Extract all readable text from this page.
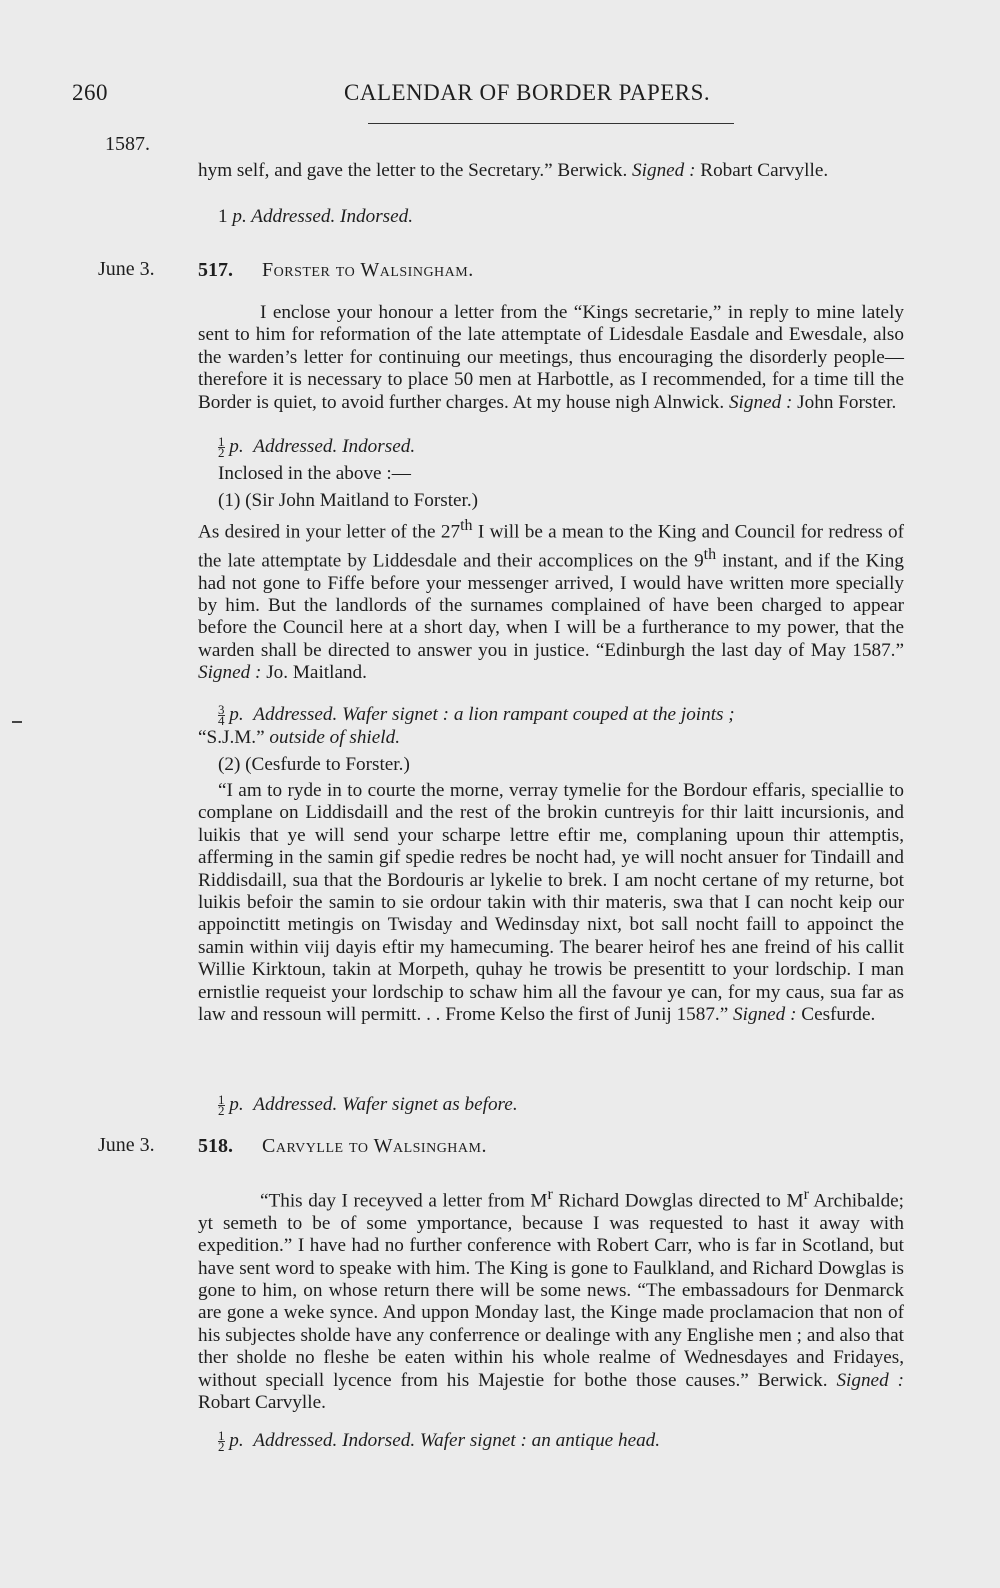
260	CALENDAR OF BORDER PAPERS.
1587.
hym self, and gave the letter to the Secretary.” Berwick. Signed : Robart Carvylle.
1 p. Addressed. Indorsed.
June 3. 517. Forster to Walsingham.
I enclose your honour a letter from the “Kings secretarie,” in reply to mine lately sent to him for reformation of the late attemptate of Lidesdale Easdale and Ewesdale, also the warden’s letter for continuing our meetings, thus encouraging the disorderly people—therefore it is necessary to place 50 men at Harbottle, as I recommended, for a time till the Border is quiet, to avoid further charges. At my house nigh Alnwick. Signed : John Forster.
$\frac{1}{2} p$.  Addressed. Indorsed.
Inclosed in the above :—
(1) (Sir John Maitland to Forster.)
As desired in your letter of the 27th I will be a mean to the King and Council for redress of the late attemptate by Liddesdale and their accomplices on the 9th instant, and if the King had not gone to Fiffe before your messenger arrived, I would have written more specially by him. But the landlords of the surnames complained of have been charged to appear before the Council here at a short day, when I will be a furtherance to my power, that the warden shall be directed to answer you in justice. “Edinburgh the last day of May 1587.” Signed : Jo. Maitland.
$\frac{3}{4} p$.  Addressed. Wafer signet : a lion rampant couped at the joints ;
“S.J.M.” outside of shield.
(2) (Cesfurde to Forster.)
“I am to ryde in to courte the morne, verray tymelie for the Bordour effaris, speciallie to complane on Liddisdaill and the rest of the brokin cuntreyis for thir laitt incursionis, and luikis that ye will send your scharpe lettre eftir me, complaning upoun thir attemptis, afferming in the samin gif spedie redres be nocht had, ye will nocht ansuer for Tindaill and Riddisdaill, sua that the Bordouris ar lykelie to brek. I am nocht certane of my returne, bot luikis befoir the samin to sie ordour takin with thir materis, swa that I can nocht keip our appoinctitt metingis on Twisday and Wedinsday nixt, bot sall nocht faill to appoinct the samin within viij dayis eftir my hamecuming. The bearer heirof hes ane freind of his callit Willie Kirktoun, takin at Morpeth, quhay he trowis be presentitt to your lordschip. I man ernistlie requeist your lordschip to schaw him all the favour ye can, for my caus, sua far as law and ressoun will permitt. . . Frome Kelso the first of Junij 1587.” Signed : Cesfurde.
$\frac{1}{2} p$.  Addressed. Wafer signet as before.
June 3. 518. Carvylle to Walsingham.
“This day I receyved a letter from $M^r$ Richard Dowglas directed to $M^r$ Archibalde; yt semeth to be of some ymportance, because I was requested to hast it away with expedition.” I have had no further conference with Robert Carr, who is far in Scotland, but have sent word to speake with him. The King is gone to Faulkland, and Richard Dowglas is gone to him, on whose return there will be some news. “The embassadours for Denmarck are gone a weke synce. And uppon Monday last, the Kinge made proclamacion that non of his subjectes sholde have any conferrence or dealinge with any Englishe men ; and also that ther sholde no fleshe be eaten within his whole realme of Wednesdayes and Fridayes, without speciall lycence from his Majestie for bothe those causes.” Berwick. Signed : Robart Carvylle.
$\frac{1}{2} p$.  Addressed. Indorsed. Wafer signet : an antique head.
